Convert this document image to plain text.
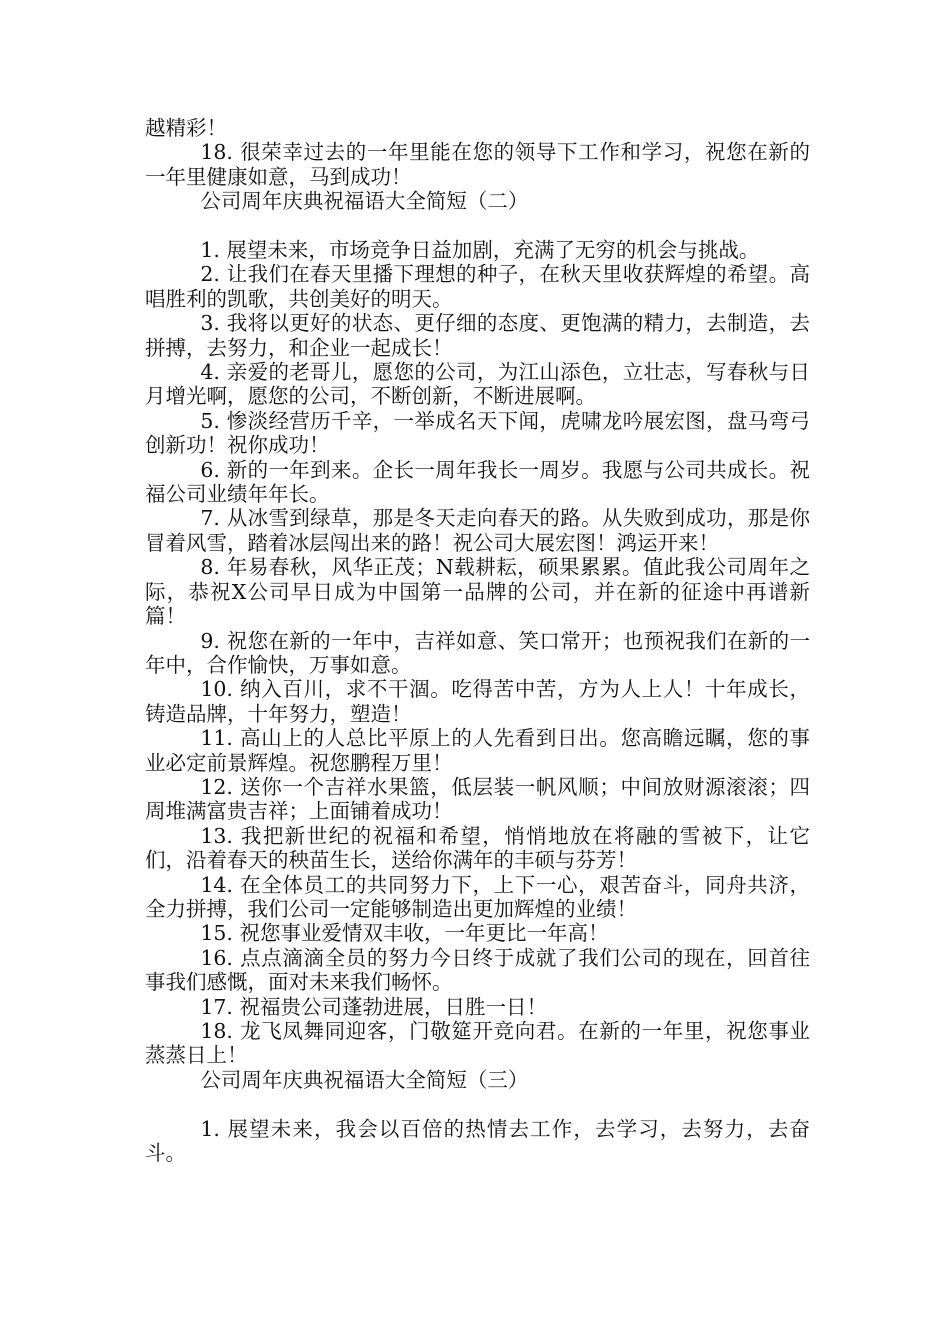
越精彩！

18. 很荣幸过去的一年里能在您的领导下工作和学习，祝您在新的一年里健康如意，马到成功！

公司周年庆典祝福语大全简短（二）

1. 展望未来，市场竞争日益加剧，充满了无穷的机会与挑战。

2. 让我们在春天里播下理想的种子，在秋天里收获辉煌的希望。高唱胜利的凯歌，共创美好的明天。

3. 我将以更好的状态、更仔细的态度、更饱满的精力，去制造，去拼搏，去努力，和企业一起成长！

4. 亲爱的老哥儿，愿您的公司，为江山添色，立壮志，写春秋与日月增光啊，愿您的公司，不断创新，不断进展啊。

5. 惨淡经营历千辛，一举成名天下闻，虎啸龙吟展宏图，盘马弯弓创新功！祝你成功！

6. 新的一年到来。企长一周年我长一周岁。我愿与公司共成长。祝福公司业绩年年长。

7. 从冰雪到绿草，那是冬天走向春天的路。从失败到成功，那是你冒着风雪，踏着冰层闯出来的路！祝公司大展宏图！鸿运开来！

8. 年易春秋，风华正茂；N载耕耘，硕果累累。值此我公司周年之际，恭祝X公司早日成为中国第一品牌的公司，并在新的征途中再谱新篇！

9. 祝您在新的一年中，吉祥如意、笑口常开；也预祝我们在新的一年中，合作愉快，万事如意。

10. 纳入百川，求不干涸。吃得苦中苦，方为人上人！十年成长，铸造品牌，十年努力，塑造！

11. 高山上的人总比平原上的人先看到日出。您高瞻远瞩，您的事业必定前景辉煌。祝您鹏程万里！

12. 送你一个吉祥水果篮，低层装一帆风顺；中间放财源滚滚；四周堆满富贵吉祥；上面铺着成功！

13. 我把新世纪的祝福和希望，悄悄地放在将融的雪被下，让它们，沿着春天的秧苗生长，送给你满年的丰硕与芬芳！

14. 在全体员工的共同努力下，上下一心，艰苦奋斗，同舟共济，全力拼搏，我们公司一定能够制造出更加辉煌的业绩！

15. 祝您事业爱情双丰收，一年更比一年高！

16. 点点滴滴全员的努力今日终于成就了我们公司的现在，回首往事我们感慨，面对未来我们畅怀。

17. 祝福贵公司蓬勃进展，日胜一日！

18. 龙飞凤舞同迎客，门敬筵开竞向君。在新的一年里，祝您事业蒸蒸日上！

公司周年庆典祝福语大全简短（三）

1. 展望未来，我会以百倍的热情去工作，去学习，去努力，去奋斗。
